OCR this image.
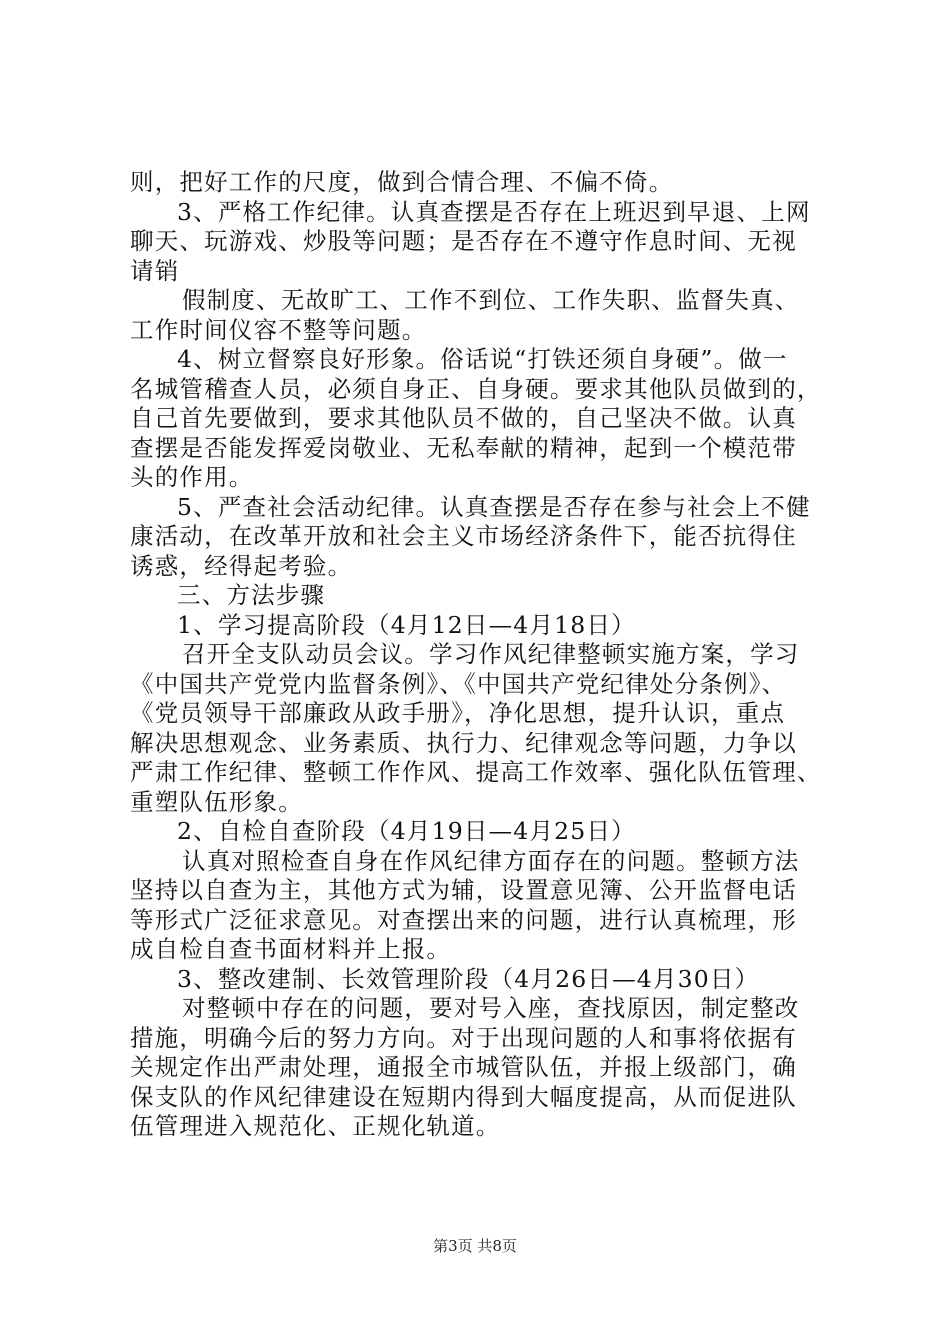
则，把好工作的尺度，做到合情合理、不偏不倚。
3、严格工作纪律。认真查摆是否存在上班迟到早退、上网
聊天、玩游戏、炒股等问题；是否存在不遵守作息时间、无视
请销
假制度、无故旷工、工作不到位、工作失职、监督失真、
工作时间仪容不整等问题。
4、树立督察良好形象。俗话说“打铁还须自身硬”。做一
名城管稽查人员，必须自身正、自身硬。要求其他队员做到的，
自己首先要做到，要求其他队员不做的，自己坚决不做。认真
查摆是否能发挥爱岗敬业、无私奉献的精神，起到一个模范带
头的作用。
5、严查社会活动纪律。认真查摆是否存在参与社会上不健
康活动，在改革开放和社会主义市场经济条件下，能否抗得住
诱惑，经得起考验。
三、方法步骤
1、学习提高阶段（4月12日—4月18日）
召开全支队动员会议。学习作风纪律整顿实施方案，学习
《中国共产党党内监督条例》、《中国共产党纪律处分条例》、
《党员领导干部廉政从政手册》，净化思想，提升认识，重点
解决思想观念、业务素质、执行力、纪律观念等问题，力争以
严肃工作纪律、整顿工作作风、提高工作效率、强化队伍管理、
重塑队伍形象。
2、自检自查阶段（4月19日—4月25日）
认真对照检查自身在作风纪律方面存在的问题。整顿方法
坚持以自查为主，其他方式为辅，设置意见簿、公开监督电话
等形式广泛征求意见。对查摆出来的问题，进行认真梳理，形
成自检自查书面材料并上报。
3、整改建制、长效管理阶段（4月26日—4月30日）
对整顿中存在的问题，要对号入座，查找原因，制定整改
措施，明确今后的努力方向。对于出现问题的人和事将依据有
关规定作出严肃处理，通报全市城管队伍，并报上级部门，确
保支队的作风纪律建设在短期内得到大幅度提高，从而促进队
伍管理进入规范化、正规化轨道。
第3页 共8页
